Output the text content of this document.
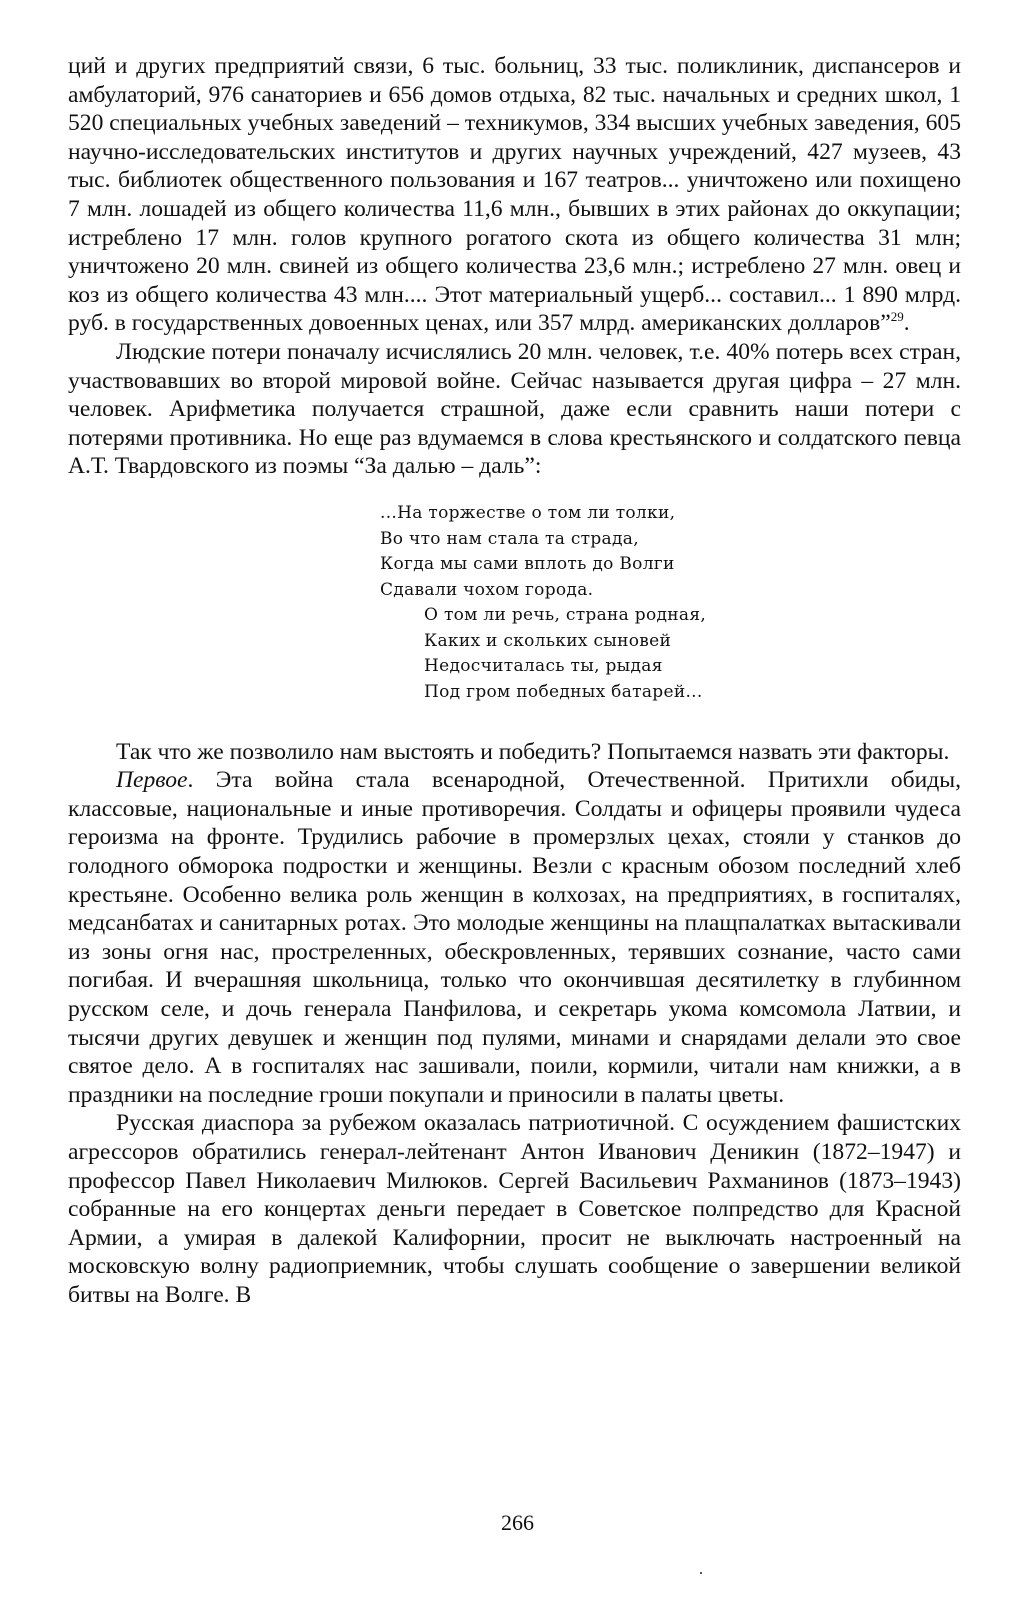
ций и других предприятий связи, 6 тыс. больниц, 33 тыс. поликлиник, диспансеров и амбулаторий, 976 санаториев и 656 домов отдыха, 82 тыс. начальных и средних школ, 1 520 специальных учебных заведений – техникумов, 334 высших учебных заведения, 605 научно-исследовательских институтов и других научных учреждений, 427 музеев, 43 тыс. библиотек общественного пользования и 167 театров... уничтожено или похищено 7 млн. лошадей из общего количества 11,6 млн., бывших в этих районах до оккупации; истреблено 17 млн. голов крупного рогатого скота из общего количества 31 млн; уничтожено 20 млн. свиней из общего количества 23,6 млн.; истреблено 27 млн. овец и коз из общего количества 43 млн.... Этот материальный ущерб... составил... 1 890 млрд. руб. в государственных довоенных ценах, или 357 млрд. американских долларов”$^{29}$.

Людские потери поначалу исчислялись 20 млн. человек, т.е. 40% потерь всех стран, участвовавших во второй мировой войне. Сейчас называется другая цифра – 27 млн. человек. Арифметика получается страшной, даже если сравнить наши потери с потерями противника. Но еще раз вдумаемся в слова крестьянского и солдатского певца А.Т. Твардовского из поэмы “За далью – даль”:

...На торжестве о том ли толки,
Во что нам стала та страда,
Когда мы сами вплоть до Волги
Сдавали чохом города.
О том ли речь, страна родная,
Каких и скольких сыновей
Недосчиталась ты, рыдая
Под гром победных батарей...

Так что же позволило нам выстоять и победить? Попытаемся назвать эти факторы.

Первое. Эта война стала всенародной, Отечественной. Притихли обиды, классовые, национальные и иные противоречия. Солдаты и офицеры проявили чудеса героизма на фронте. Трудились рабочие в промерзлых цехах, стояли у станков до голодного обморока подростки и женщины. Везли с красным обозом последний хлеб крестьяне. Особенно велика роль женщин в колхозах, на предприятиях, в госпиталях, медсанбатах и санитарных ротах. Это молодые женщины на плащпалатках вытаскивали из зоны огня нас, простреленных, обескровленных, терявших сознание, часто сами погибая. И вчерашняя школьница, только что окончившая десятилетку в глубинном русском селе, и дочь генерала Панфилова, и секретарь укома комсомола Латвии, и тысячи других девушек и женщин под пулями, минами и снарядами делали это свое святое дело. А в госпиталях нас зашивали, поили, кормили, читали нам книжки, а в праздники на последние гроши покупали и приносили в палаты цветы.

Русская диаспора за рубежом оказалась патриотичной. С осуждением фашистских агрессоров обратились генерал-лейтенант Антон Иванович Деникин (1872–1947) и профессор Павел Николаевич Милюков. Сергей Васильевич Рахманинов (1873–1943) собранные на его концертах деньги передает в Советское полпредство для Красной Армии, а умирая в далекой Калифорнии, просит не выключать настроенный на московскую волну радиоприемник, чтобы слушать сообщение о завершении великой битвы на Волге. В

266
